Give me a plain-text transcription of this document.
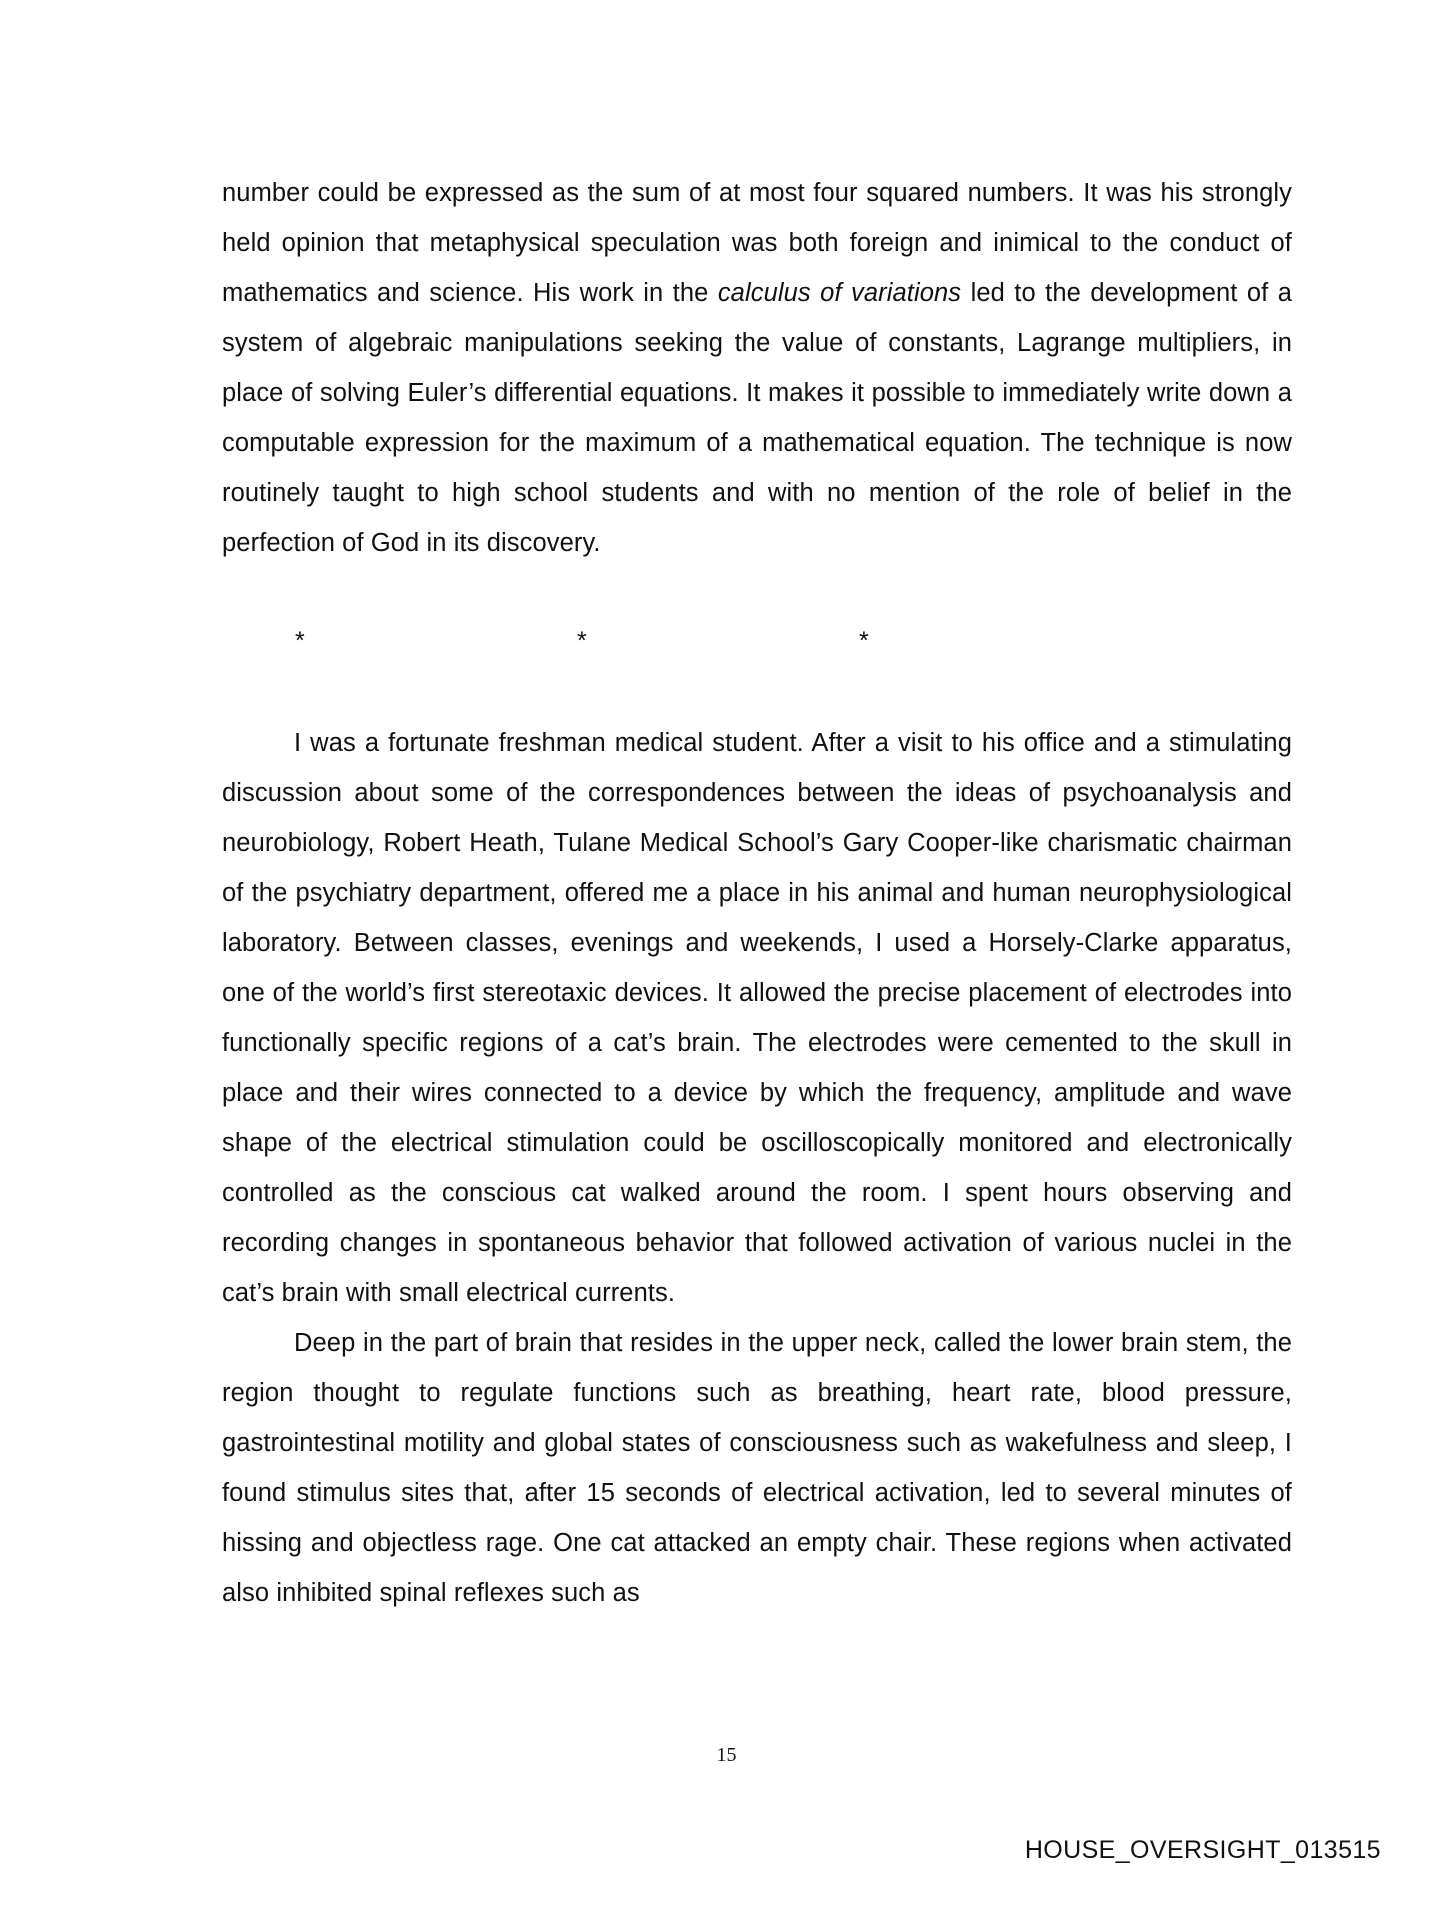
number could be expressed as the sum of at most four squared numbers. It was his strongly held opinion that metaphysical speculation was both foreign and inimical to the conduct of mathematics and science. His work in the calculus of variations led to the development of a system of algebraic manipulations seeking the value of constants, Lagrange multipliers, in place of solving Euler’s differential equations. It makes it possible to immediately write down a computable expression for the maximum of a mathematical equation. The technique is now routinely taught to high school students and with no mention of the role of belief in the perfection of God in its discovery.

*	*	*

I was a fortunate freshman medical student. After a visit to his office and a stimulating discussion about some of the correspondences between the ideas of psychoanalysis and neurobiology, Robert Heath, Tulane Medical School’s Gary Cooper-like charismatic chairman of the psychiatry department, offered me a place in his animal and human neurophysiological laboratory. Between classes, evenings and weekends, I used a Horsely-Clarke apparatus, one of the world’s first stereotaxic devices. It allowed the precise placement of electrodes into functionally specific regions of a cat’s brain. The electrodes were cemented to the skull in place and their wires connected to a device by which the frequency, amplitude and wave shape of the electrical stimulation could be oscilloscopically monitored and electronically controlled as the conscious cat walked around the room. I spent hours observing and recording changes in spontaneous behavior that followed activation of various nuclei in the cat’s brain with small electrical currents.

Deep in the part of brain that resides in the upper neck, called the lower brain stem, the region thought to regulate functions such as breathing, heart rate, blood pressure, gastrointestinal motility and global states of consciousness such as wakefulness and sleep, I found stimulus sites that, after 15 seconds of electrical activation, led to several minutes of hissing and objectless rage. One cat attacked an empty chair. These regions when activated also inhibited spinal reflexes such as

15
HOUSE_OVERSIGHT_013515
